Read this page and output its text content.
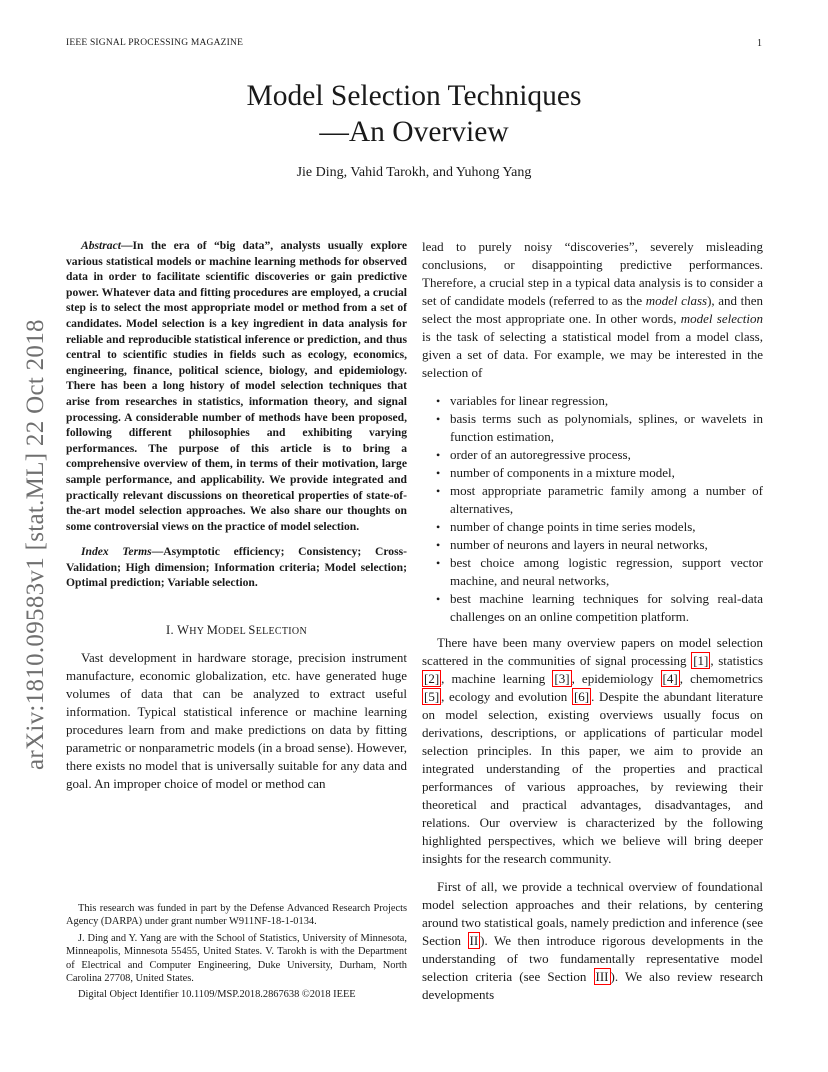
IEEE SIGNAL PROCESSING MAGAZINE	1
arXiv:1810.09583v1 [stat.ML] 22 Oct 2018
Model Selection Techniques
—An Overview
Jie Ding, Vahid Tarokh, and Yuhong Yang

Abstract—In the era of “big data”, analysts usually explore various statistical models or machine learning methods for observed data in order to facilitate scientific discoveries or gain predictive power. Whatever data and fitting procedures are employed, a crucial step is to select the most appropriate model or method from a set of candidates. Model selection is a key ingredient in data analysis for reliable and reproducible statistical inference or prediction, and thus central to scientific studies in fields such as ecology, economics, engineering, finance, political science, biology, and epidemiology. There has been a long history of model selection techniques that arise from researches in statistics, information theory, and signal processing. A considerable number of methods have been proposed, following different philosophies and exhibiting varying performances. The purpose of this article is to bring a comprehensive overview of them, in terms of their motivation, large sample performance, and applicability. We provide integrated and practically relevant discussions on theoretical properties of state-of-the-art model selection approaches. We also share our thoughts on some controversial views on the practice of model selection.

Index Terms—Asymptotic efficiency; Consistency; Cross-Validation; High dimension; Information criteria; Model selection; Optimal prediction; Variable selection.

I. WHY MODEL SELECTION

Vast development in hardware storage, precision instrument manufacture, economic globalization, etc. have generated huge volumes of data that can be analyzed to extract useful information. Typical statistical inference or machine learning procedures learn from and make predictions on data by fitting parametric or nonparametric models (in a broad sense). However, there exists no model that is universally suitable for any data and goal. An improper choice of model or method can

This research was funded in part by the Defense Advanced Research Projects Agency (DARPA) under grant number W911NF-18-1-0134.

J. Ding and Y. Yang are with the School of Statistics, University of Minnesota, Minneapolis, Minnesota 55455, United States. V. Tarokh is with the Department of Electrical and Computer Engineering, Duke University, Durham, North Carolina 27708, United States.

Digital Object Identifier 10.1109/MSP.2018.2867638 ©2018 IEEE

lead to purely noisy “discoveries”, severely misleading conclusions, or disappointing predictive performances. Therefore, a crucial step in a typical data analysis is to consider a set of candidate models (referred to as the model class), and then select the most appropriate one. In other words, model selection is the task of selecting a statistical model from a model class, given a set of data. For example, we may be interested in the selection of

• variables for linear regression,
• basis terms such as polynomials, splines, or wavelets in function estimation,
• order of an autoregressive process,
• number of components in a mixture model,
• most appropriate parametric family among a number of alternatives,
• number of change points in time series models,
• number of neurons and layers in neural networks,
• best choice among logistic regression, support vector machine, and neural networks,
• best machine learning techniques for solving real-data challenges on an online competition platform.

There have been many overview papers on model selection scattered in the communities of signal processing [1] , statistics [2] , machine learning [3] , epidemiology [4] , chemometrics [5] , ecology and evolution [6] . Despite the abundant literature on model selection, existing overviews usually focus on derivations, descriptions, or applications of particular model selection principles. In this paper, we aim to provide an integrated understanding of the properties and practical performances of various approaches, by reviewing their theoretical and practical advantages, disadvantages, and relations. Our overview is characterized by the following highlighted perspectives, which we believe will bring deeper insights for the research community.

First of all, we provide a technical overview of foundational model selection approaches and their relations, by centering around two statistical goals, namely prediction and inference (see Section II ). We then introduce rigorous developments in the understanding of two fundamentally representative model selection criteria (see Section III ). We also review research developments
